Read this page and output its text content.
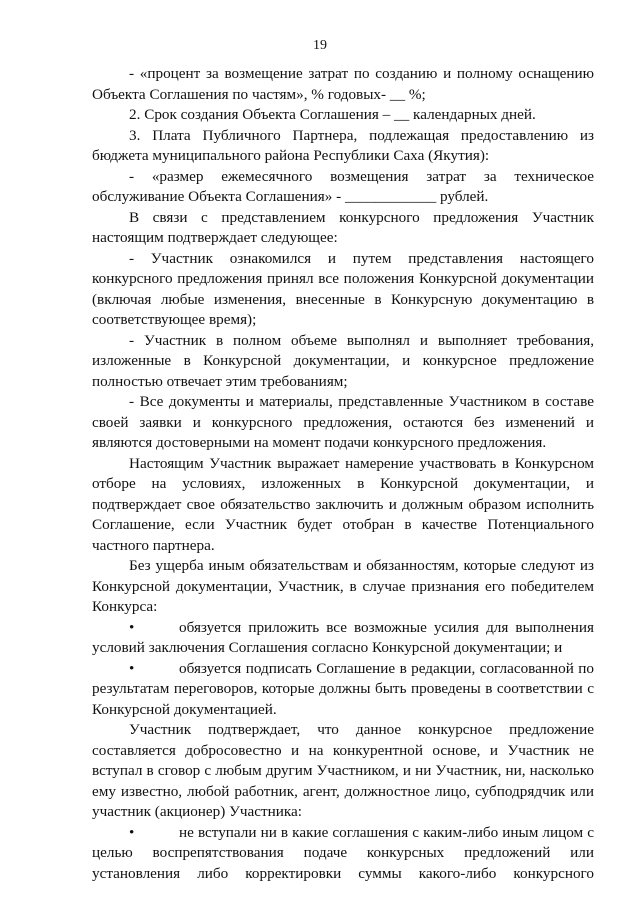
19
- «процент за возмещение затрат по созданию и полному оснащению
Объекта Соглашения по частям», % годовых- __ %;
2. Срок создания Объекта Соглашения – __ календарных дней.
3. Плата Публичного Партнера, подлежащая предоставлению из
бюджета муниципального района Республики Саха (Якутия):
- «размер ежемесячного возмещения затрат за техническое
обслуживание Объекта Соглашения» - ____________ рублей.
В связи с представлением конкурсного предложения Участник
настоящим подтверждает следующее:
- Участник ознакомился и путем представления настоящего
конкурсного предложения принял все положения Конкурсной документации
(включая любые изменения, внесенные в Конкурсную документацию в
соответствующее время);
- Участник в полном объеме выполнял и выполняет требования,
изложенные в Конкурсной документации, и конкурсное предложение
полностью отвечает этим требованиям;
- Все документы и материалы, представленные Участником в составе
своей заявки и конкурсного предложения, остаются без изменений и
являются достоверными на момент подачи конкурсного предложения.
Настоящим Участник выражает намерение участвовать в Конкурсном
отборе на условиях, изложенных в Конкурсной документации, и
подтверждает свое обязательство заключить и должным образом исполнить
Соглашение, если Участник будет отобран в качестве Потенциального
частного партнера.
Без ущерба иным обязательствам и обязанностям, которые следуют из
Конкурсной документации, Участник, в случае признания его победителем
Конкурса:
•	обязуется приложить все возможные усилия для выполнения
условий заключения Соглашения согласно Конкурсной документации; и
•	обязуется подписать Соглашение в редакции, согласованной по
результатам переговоров, которые должны быть проведены в соответствии с
Конкурсной документацией.
Участник подтверждает, что данное конкурсное предложение
составляется добросовестно и на конкурентной основе, и Участник не
вступал в сговор с любым другим Участником, и ни Участник, ни, насколько
ему известно, любой работник, агент, должностное лицо, субподрядчик или
участник (акционер) Участника:
•	не вступали ни в какие соглашения с каким-либо иным лицом с
целью воспрепятствования подаче конкурсных предложений или
установления либо корректировки суммы какого-либо конкурсного
